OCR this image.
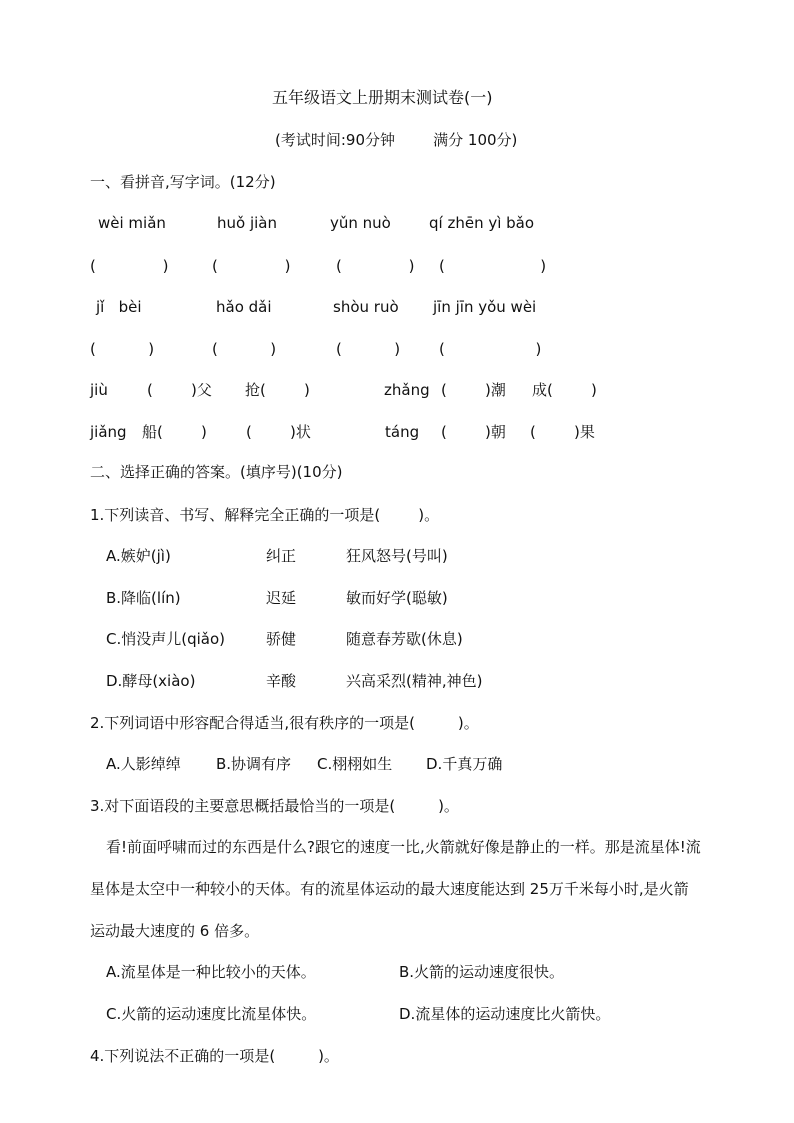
五年级语文上册期末测试卷(一)
(考试时间:90分钟        满分 100分)
一、看拼音,写字词。(12分)
wèi miǎn	huǒ jiàn	yǔn nuò	qí zhēn yì bǎo
(              )	(              )	(              ) (                    )
jǐ   bèi	hǎo dǎi	shòu ruò jīn jīn yǒu wèi
(           )	(           )	(           )	(                   )
jiù	(        )父 抢(        )	zhǎng (        )潮 成(        )
jiǎng 船(        )	(        )状	táng (        )朝 (        )果
二、选择正确的答案。(填序号)(10分)
1.下列读音、书写、解释完全正确的一项是(        )。
A.嫉妒(jì)	纠正	狂风怒号(号叫)
B.降临(lín)	迟延	敏而好学(聪敏)
C.悄没声儿(qiǎo)	骄健	随意春芳歇(休息)
D.酵母(xiào)	辛酸	兴高采烈(精神,神色)
2.下列词语中形容配合得适当,很有秩序的一项是(         )。
A.人影绰绰 B.协调有序 C.栩栩如生 D.千真万确
3.对下面语段的主要意思概括最恰当的一项是(         )。
看!前面呼啸而过的东西是什么?跟它的速度一比,火箭就好像是静止的一样。那是流星体!流星体是太空中一种较小的天体。有的流星体运动的最大速度能达到 25万千米每小时,是火箭运动最大速度的 6 倍多。
A.流星体是一种比较小的天体。	B.火箭的运动速度很快。
C.火箭的运动速度比流星体快。	D.流星体的运动速度比火箭快。
4.下列说法不正确的一项是(         )。
